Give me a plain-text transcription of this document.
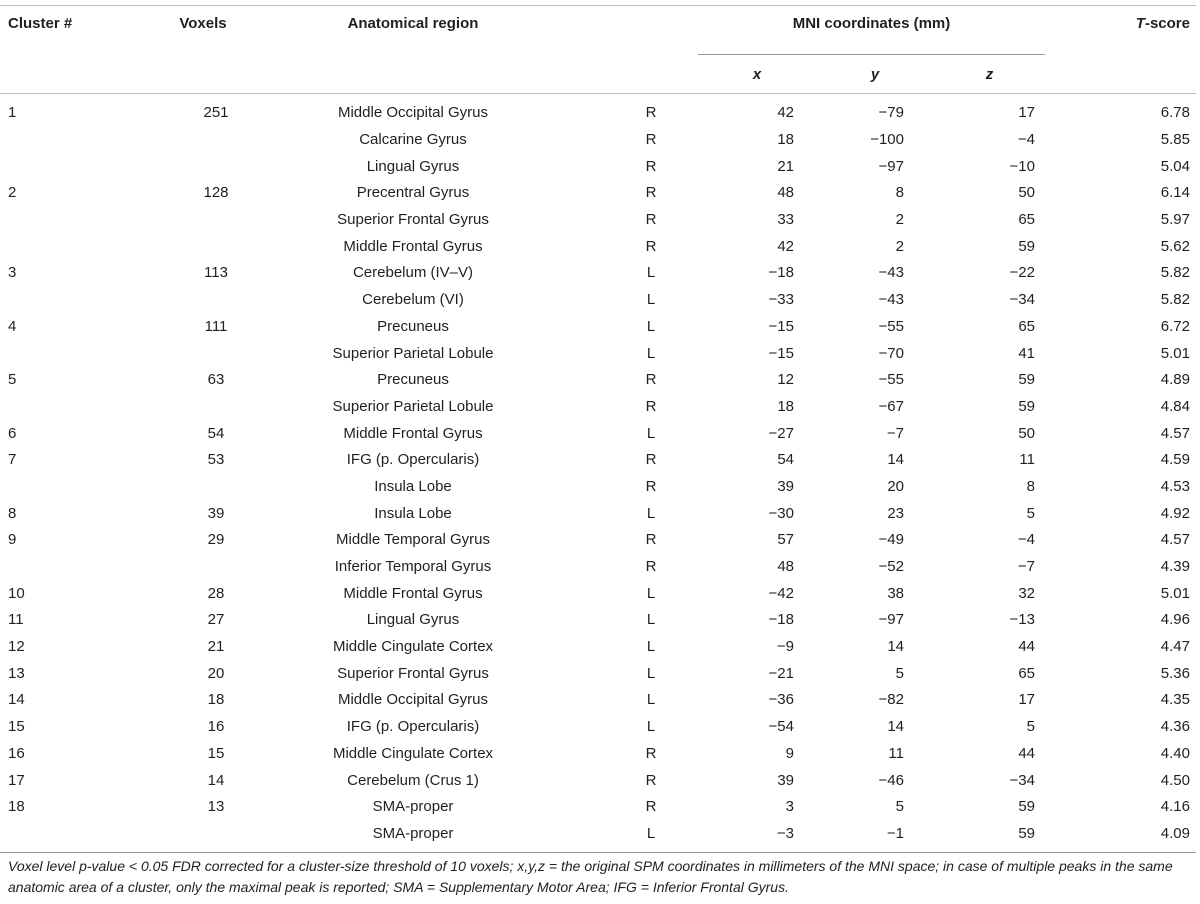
Cluster #	Voxels	Anatomical region		MNI coordinates (mm)				T-score
				x	y	z		
1	251	Middle Occipital Gyrus	R	42	−79	17		6.78
		Calcarine Gyrus	R	18	−100	−4		5.85
		Lingual Gyrus	R	21	−97	−10		5.04
2	128	Precentral Gyrus	R	48	8	50		6.14
		Superior Frontal Gyrus	R	33	2	65		5.97
		Middle Frontal Gyrus	R	42	2	59		5.62
3	113	Cerebelum (IV–V)	L	−18	−43	−22		5.82
		Cerebelum (VI)	L	−33	−43	−34		5.82
4	111	Precuneus	L	−15	−55	65		6.72
		Superior Parietal Lobule	L	−15	−70	41		5.01
5	63	Precuneus	R	12	−55	59		4.89
		Superior Parietal Lobule	R	18	−67	59		4.84
6	54	Middle Frontal Gyrus	L	−27	−7	50		4.57
7	53	IFG (p. Opercularis)	R	54	14	11		4.59
		Insula Lobe	R	39	20	8		4.53
8	39	Insula Lobe	L	−30	23	5		4.92
9	29	Middle Temporal Gyrus	R	57	−49	−4		4.57
		Inferior Temporal Gyrus	R	48	−52	−7		4.39
10	28	Middle Frontal Gyrus	L	−42	38	32		5.01
11	27	Lingual Gyrus	L	−18	−97	−13		4.96
12	21	Middle Cingulate Cortex	L	−9	14	44		4.47
13	20	Superior Frontal Gyrus	L	−21	5	65		5.36
14	18	Middle Occipital Gyrus	L	−36	−82	17		4.35
15	16	IFG (p. Opercularis)	L	−54	14	5		4.36
16	15	Middle Cingulate Cortex	R	9	11	44		4.40
17	14	Cerebelum (Crus 1)	R	39	−46	−34		4.50
18	13	SMA-proper	R	3	5	59		4.16
		SMA-proper	L	−3	−1	59		4.09
Voxel level p-value < 0.05 FDR corrected for a cluster-size threshold of 10 voxels; x,y,z = the original SPM coordinates in millimeters of the MNI space; in case of multiple peaks in the same anatomic area of a cluster, only the maximal peak is reported; SMA = Supplementary Motor Area; IFG = Inferior Frontal Gyrus.
